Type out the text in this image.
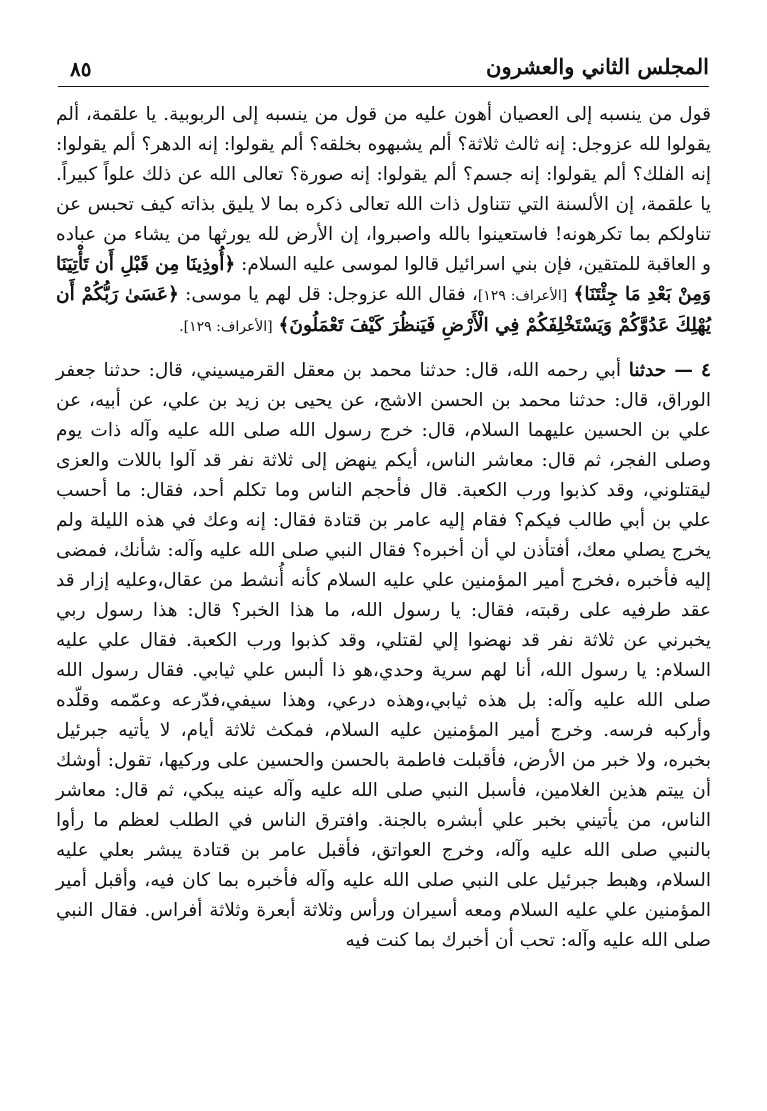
المجلس الثاني والعشرون
٨٥

قول من ينسبه إلى العصيان أهون عليه من قول من ينسبه إلى الربوبية. يا علقمة، ألم يقولوا لله عزوجل: إنه ثالث ثلاثة؟ ألم يشبهوه بخلقه؟ ألم يقولوا: إنه الدهر؟ ألم يقولوا: إنه الفلك؟ ألم يقولوا: إنه جسم؟ ألم يقولوا: إنه صورة؟ تعالى الله عن ذلك علواً كبيراً. يا علقمة، إن الألسنة التي تتناول ذات الله تعالى ذكره بما لا يليق بذاته كيف تحبس عن تناولكم بما تكرهونه! فاستعينوا بالله واصبروا، إن الأرض لله يورثها من يشاء من عباده و العاقبة للمتقين، فإن بني اسرائيل قالوا لموسى عليه السلام: ﴿أُوذِينَا مِن قَبْلِ أَن تَأْتِيَنَا وَمِنْ بَعْدِ مَا جِئْتَنَا﴾ [الأعراف: ١٢٩]، فقال الله عزوجل: قل لهم يا موسى: ﴿عَسَىٰ رَبُّكُمْ أَن يُهْلِكَ عَدُوَّكُمْ وَيَسْتَخْلِفَكُمْ فِي الْأَرْضِ فَيَنظُرَ كَيْفَ تَعْمَلُونَ﴾ [الأعراف: ١٢٩].

٤ — حدثنا أبي رحمه الله، قال: حدثنا محمد بن معقل القرميسيني، قال: حدثنا جعفر الوراق، قال: حدثنا محمد بن الحسن الاشج، عن يحيى بن زيد بن علي، عن أبيه، عن علي بن الحسين عليهما السلام، قال: خرج رسول الله صلى الله عليه وآله ذات يوم وصلى الفجر، ثم قال: معاشر الناس، أيكم ينهض إلى ثلاثة نفر قد آلوا باللات والعزى ليقتلوني، وقد كذبوا ورب الكعبة. قال فأحجم الناس وما تكلم أحد، فقال: ما أحسب علي بن أبي طالب فيكم؟ فقام إليه عامر بن قتادة فقال: إنه وعك في هذه الليلة ولم يخرج يصلي معك، أفتأذن لي أن أخبره؟ فقال النبي صلى الله عليه وآله: شأنك، فمضى إليه فأخبره ،فخرج أمير المؤمنين علي عليه السلام كأنه أُنشط من عقال،وعليه إزار قد عقد طرفيه على رقبته، فقال: يا رسول الله، ما هذا الخبر؟ قال: هذا رسول ربي يخبرني عن ثلاثة نفر قد نهضوا إلي لقتلي، وقد كذبوا ورب الكعبة. فقال علي عليه السلام: يا رسول الله، أنا لهم سرية وحدي،هو ذا ألبس علي ثيابي. فقال رسول الله صلى الله عليه وآله: بل هذه ثيابي،وهذه درعي، وهذا سيفي،فدّرعه وعمّمه وقلّده وأركبه فرسه. وخرج أمير المؤمنين عليه السلام، فمكث ثلاثة أيام، لا يأتيه جبرئيل بخبره، ولا خبر من الأرض، فأقبلت فاطمة بالحسن والحسين على وركيها، تقول: أوشك أن ييتم هذين الغلامين، فأسبل النبي صلى الله عليه وآله عينه يبكي، ثم قال: معاشر الناس، من يأتيني بخبر علي أبشره بالجنة. وافترق الناس في الطلب لعظم ما رأوا بالنبي صلى الله عليه وآله، وخرج العواتق، فأقبل عامر بن قتادة يبشر بعلي عليه السلام، وهبط جبرئيل على النبي صلى الله عليه وآله فأخبره بما كان فيه، وأقبل أمير المؤمنين علي عليه السلام ومعه أسيران ورأس وثلاثة أبعرة وثلاثة أفراس. فقال النبي صلى الله عليه وآله: تحب أن أخبرك بما كنت فيه
